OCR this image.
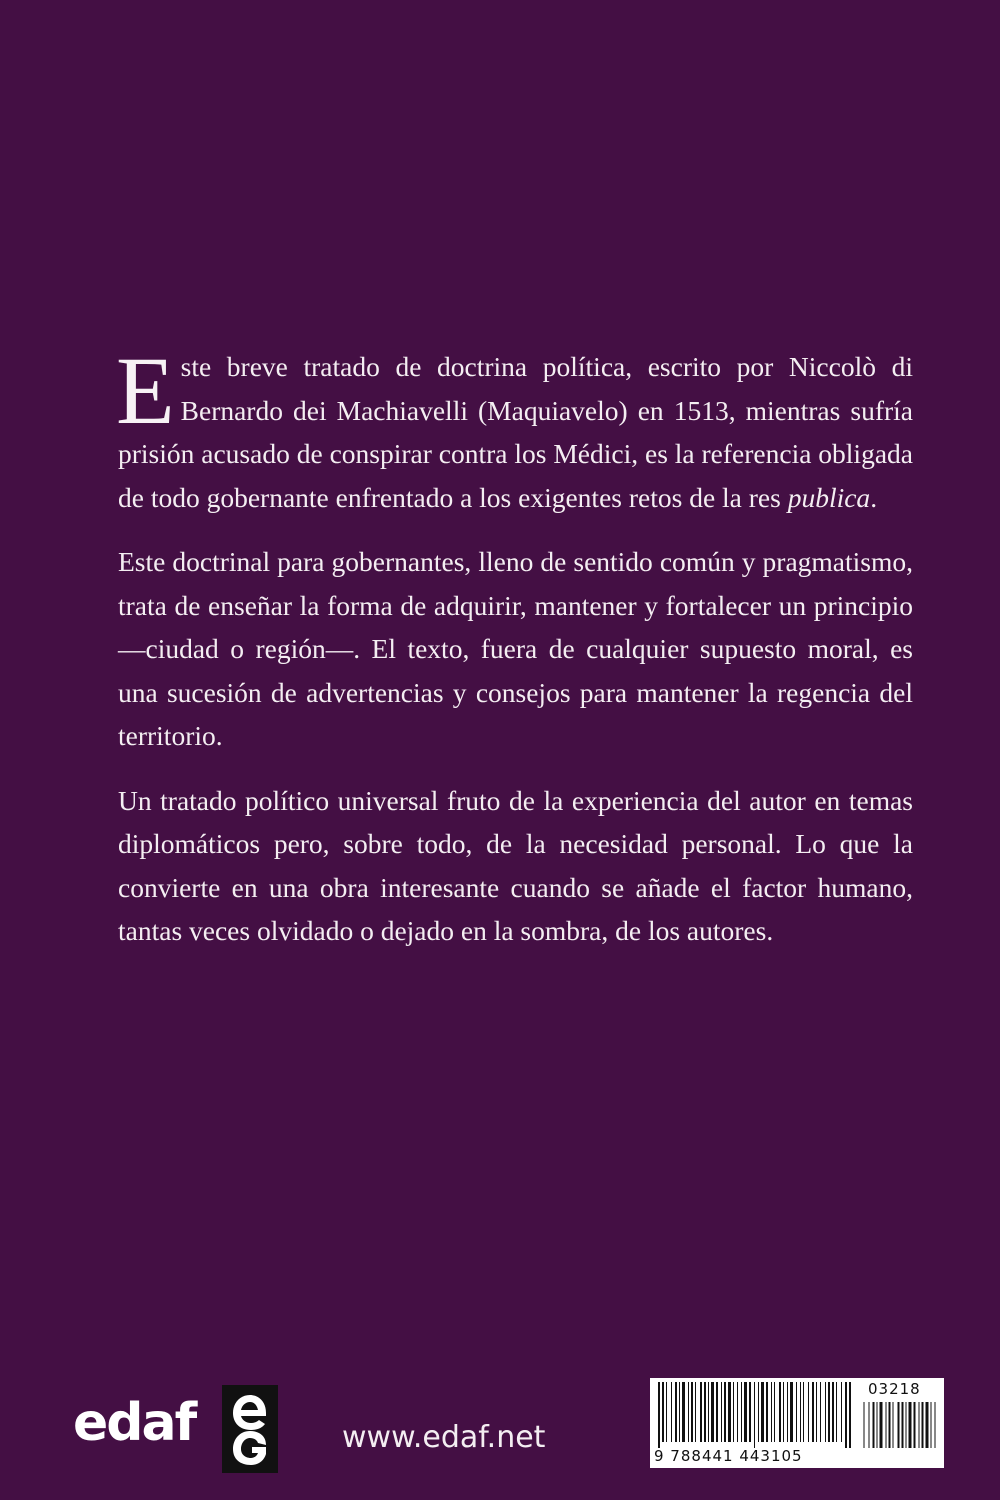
Este breve tratado de doctrina política, escrito por Niccolò di Bernardo dei Machiavelli (Maquiavelo) en 1513, mientras sufría prisión acusado de conspirar contra los Médici, es la referencia obligada de todo gobernante enfrentado a los exigentes retos de la res publica.

Este doctrinal para gobernantes, lleno de sentido común y pragmatismo, trata de enseñar la forma de adquirir, mantener y fortalecer un principio —ciudad o región—. El texto, fuera de cualquier supuesto moral, es una sucesión de advertencias y consejos para mantener la regencia del territorio.

Un tratado político universal fruto de la experiencia del autor en temas diplomáticos pero, sobre todo, de la necesidad personal. Lo que la convierte en una obra interesante cuando se añade el factor humano, tantas veces olvidado o dejado en la sombra, de los autores.

edaf	www.edaf.net
03218
9 788441 443105
